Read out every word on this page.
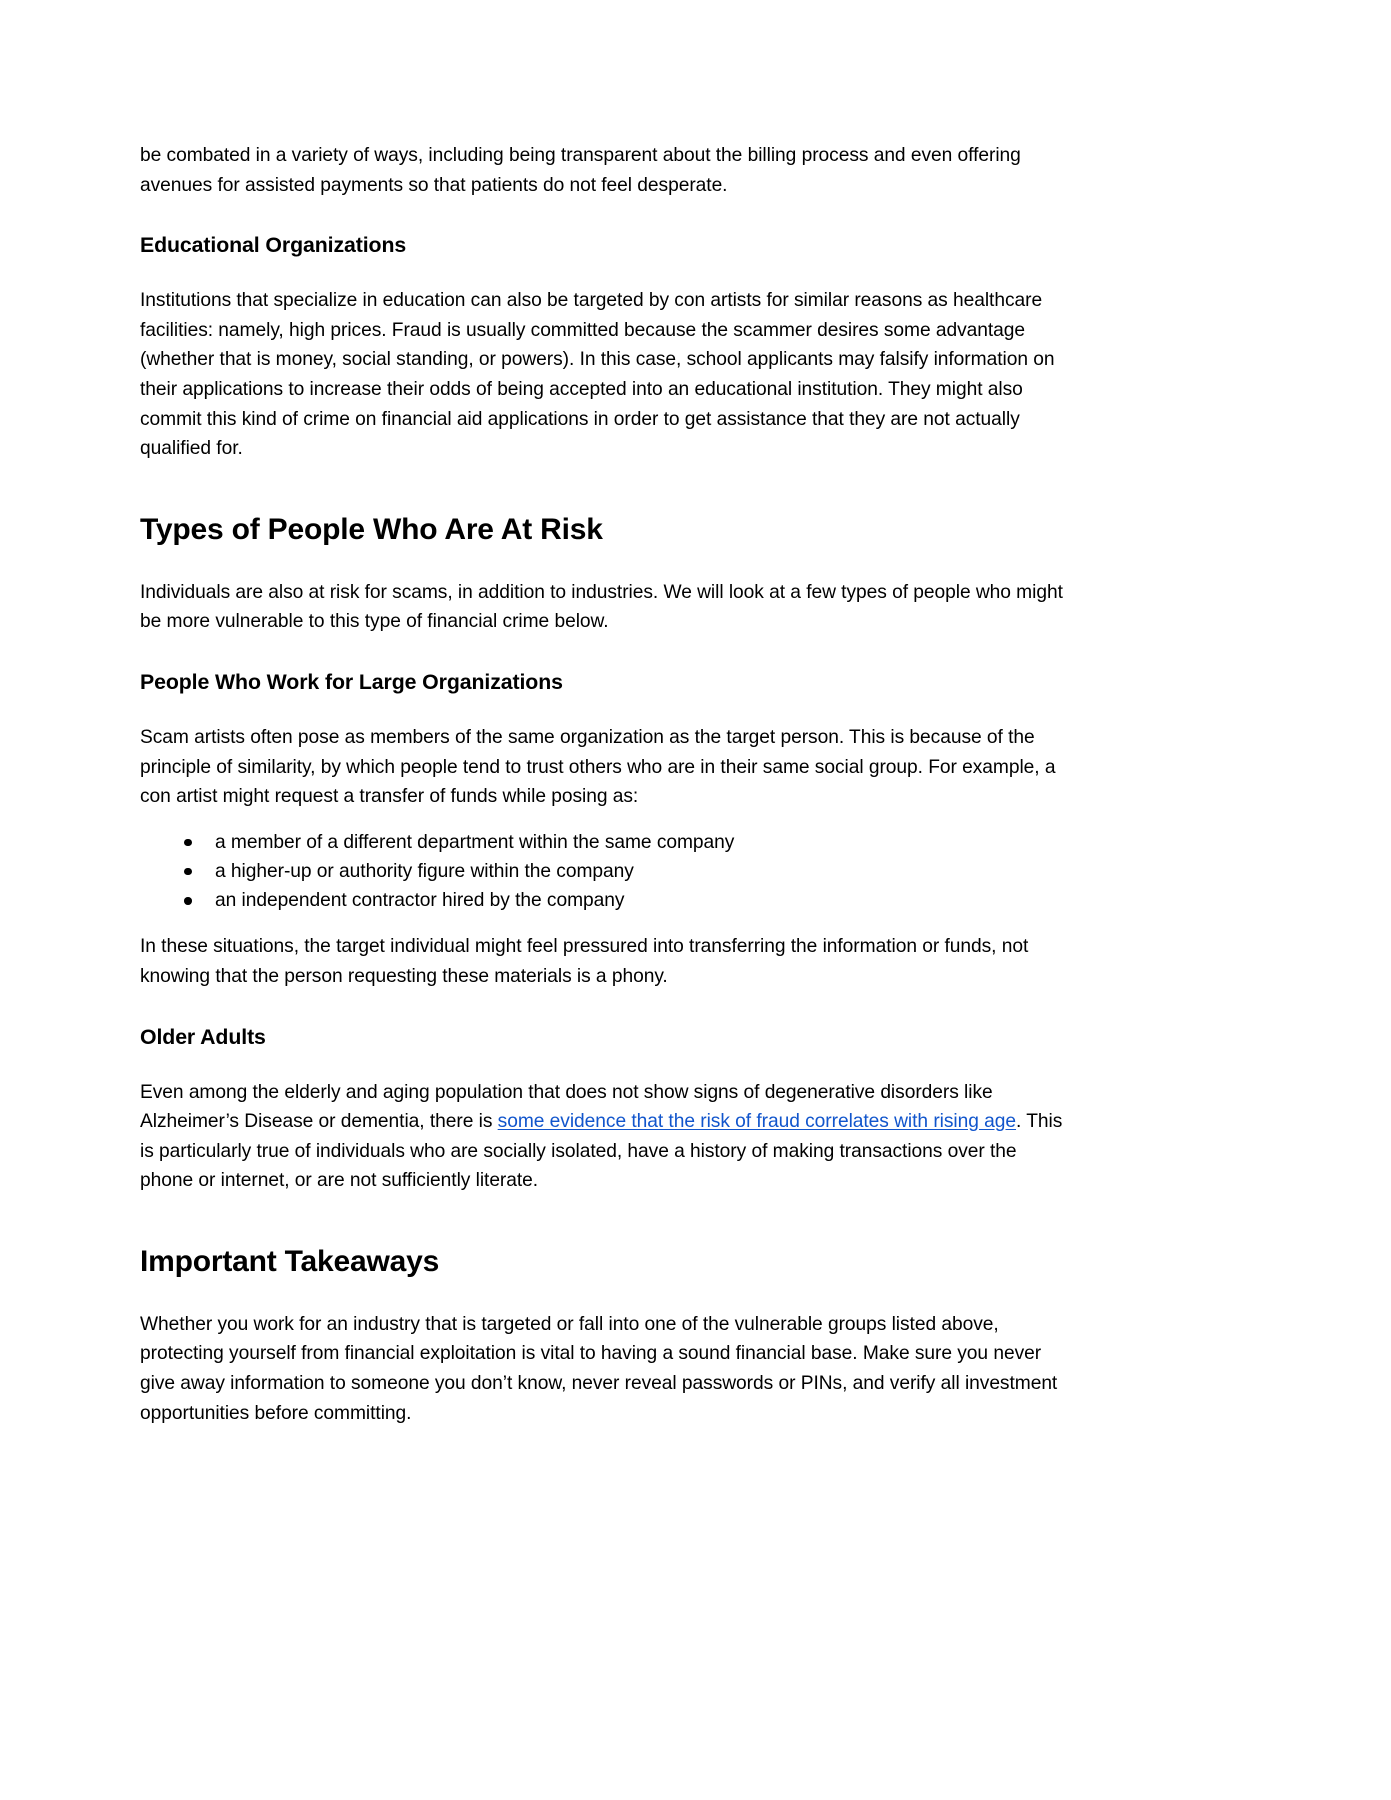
be combated in a variety of ways, including being transparent about the billing process and even offering avenues for assisted payments so that patients do not feel desperate.

Educational Organizations

Institutions that specialize in education can also be targeted by con artists for similar reasons as healthcare facilities: namely, high prices. Fraud is usually committed because the scammer desires some advantage (whether that is money, social standing, or powers). In this case, school applicants may falsify information on their applications to increase their odds of being accepted into an educational institution. They might also commit this kind of crime on financial aid applications in order to get assistance that they are not actually qualified for.

Types of People Who Are At Risk

Individuals are also at risk for scams, in addition to industries. We will look at a few types of people who might be more vulnerable to this type of financial crime below.

People Who Work for Large Organizations

Scam artists often pose as members of the same organization as the target person. This is because of the principle of similarity, by which people tend to trust others who are in their same social group. For example, a con artist might request a transfer of funds while posing as:

a member of a different department within the same company
a higher-up or authority figure within the company
an independent contractor hired by the company

In these situations, the target individual might feel pressured into transferring the information or funds, not knowing that the person requesting these materials is a phony.

Older Adults

Even among the elderly and aging population that does not show signs of degenerative disorders like Alzheimer’s Disease or dementia, there is some evidence that the risk of fraud correlates with rising age. This is particularly true of individuals who are socially isolated, have a history of making transactions over the phone or internet, or are not sufficiently literate.

Important Takeaways

Whether you work for an industry that is targeted or fall into one of the vulnerable groups listed above, protecting yourself from financial exploitation is vital to having a sound financial base. Make sure you never give away information to someone you don’t know, never reveal passwords or PINs, and verify all investment opportunities before committing.
